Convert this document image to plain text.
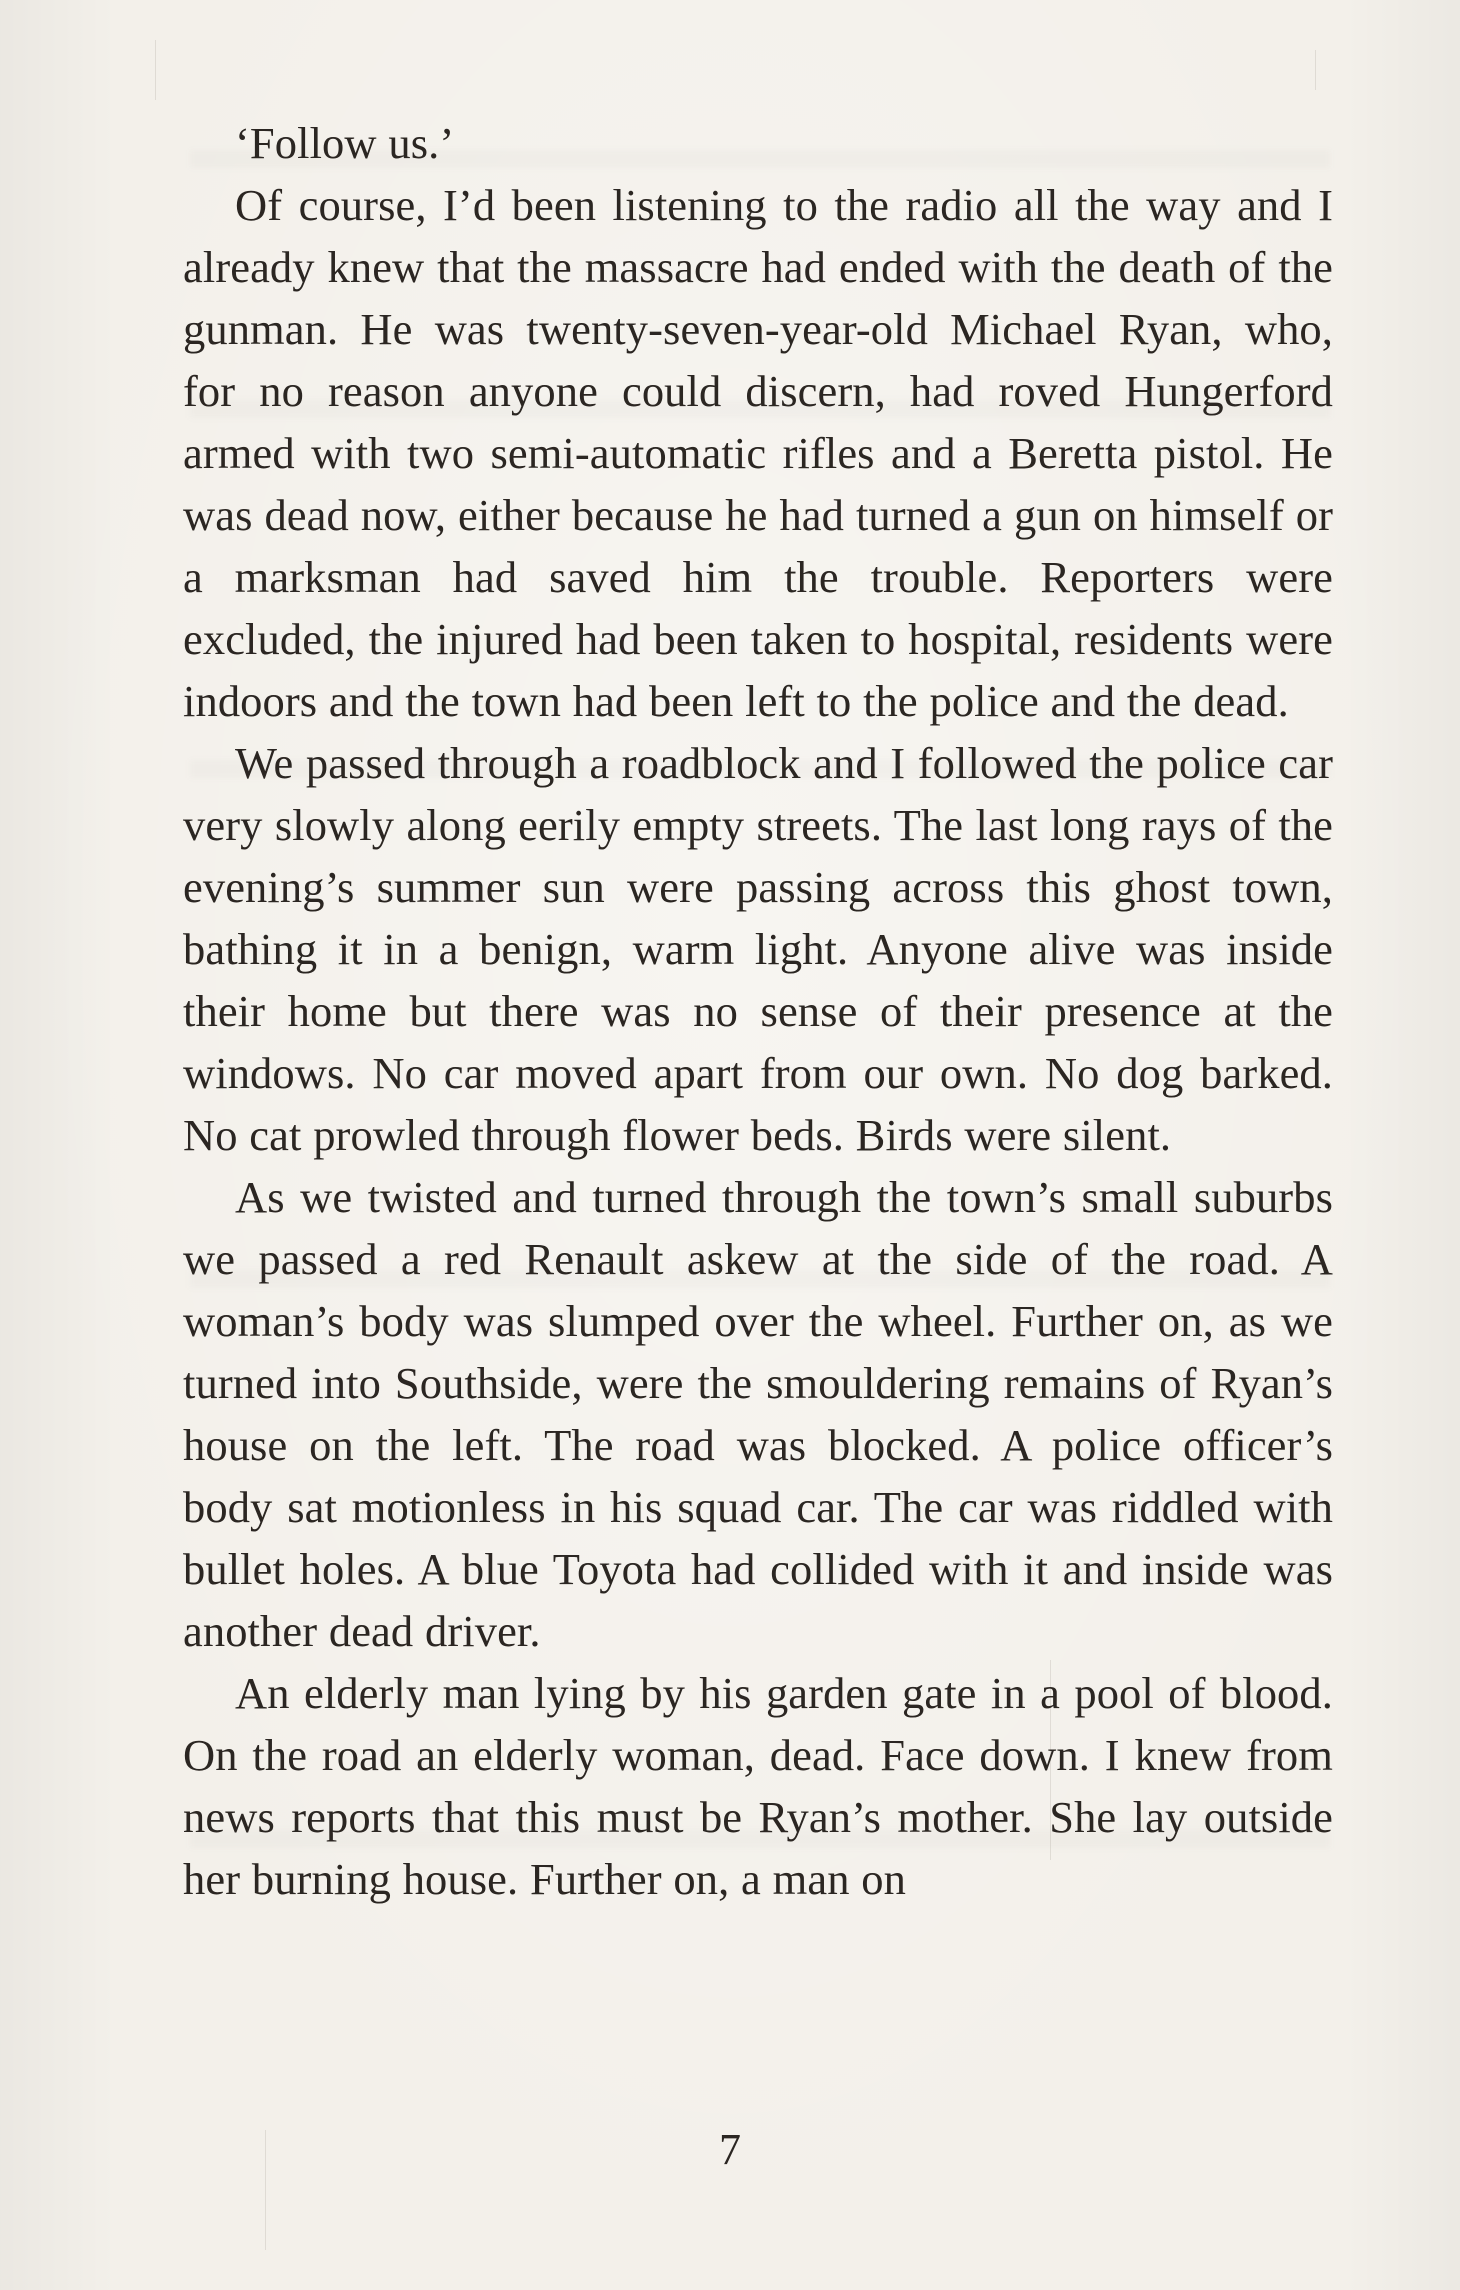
‘Follow us.’

Of course, I’d been listening to the radio all the way and I already knew that the massacre had ended with the death of the gunman. He was twenty-seven-year-old Michael Ryan, who, for no reason anyone could discern, had roved Hungerford armed with two semi-automatic rifles and a Beretta pistol. He was dead now, either because he had turned a gun on himself or a marksman had saved him the trouble. Reporters were excluded, the injured had been taken to hospital, residents were indoors and the town had been left to the police and the dead.

We passed through a roadblock and I followed the police car very slowly along eerily empty streets. The last long rays of the evening’s summer sun were passing across this ghost town, bathing it in a benign, warm light. Anyone alive was inside their home but there was no sense of their presence at the windows. No car moved apart from our own. No dog barked. No cat prowled through flower beds. Birds were silent.

As we twisted and turned through the town’s small suburbs we passed a red Renault askew at the side of the road. A woman’s body was slumped over the wheel. Further on, as we turned into Southside, were the smouldering remains of Ryan’s house on the left. The road was blocked. A police officer’s body sat motionless in his squad car. The car was riddled with bullet holes. A blue Toyota had collided with it and inside was another dead driver.

An elderly man lying by his garden gate in a pool of blood. On the road an elderly woman, dead. Face down. I knew from news reports that this must be Ryan’s mother. She lay outside her burning house. Further on, a man on

7
